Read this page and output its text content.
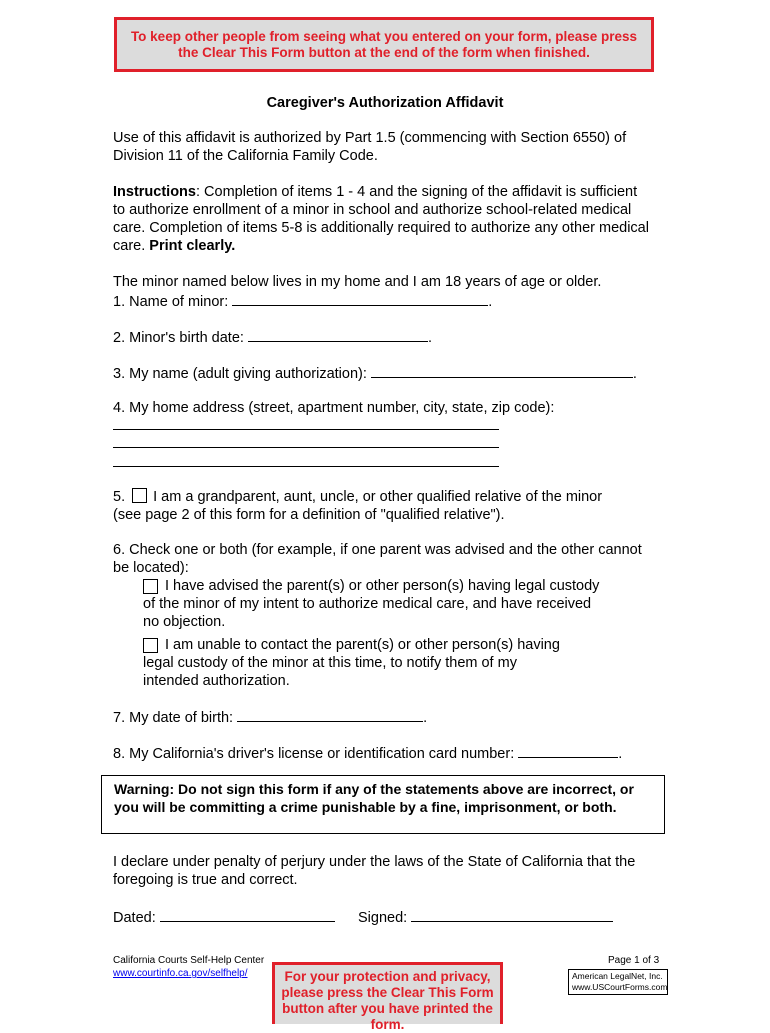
To keep other people from seeing what you entered on your form, please press the Clear This Form button at the end of the form when finished.
Caregiver's Authorization Affidavit
Use of this affidavit is authorized by Part 1.5 (commencing with Section 6550) of Division 11 of the California Family Code.
Instructions: Completion of items 1 - 4 and the signing of the affidavit is sufficient to authorize enrollment of a minor in school and authorize school-related medical care. Completion of items 5-8 is additionally required to authorize any other medical care. Print clearly.
The minor named below lives in my home and I am 18 years of age or older.
1. Name of minor:	.
2. Minor's birth date:	.
3. My name (adult giving authorization):	.
4. My home address (street, apartment number, city, state, zip code):
5. I am a grandparent, aunt, uncle, or other qualified relative of the minor
(see page 2 of this form for a definition of "qualified relative").
6. Check one or both (for example, if one parent was advised and the other cannot be located):
I have advised the parent(s) or other person(s) having legal custody of the minor of my intent to authorize medical care, and have received no objection.
I am unable to contact the parent(s) or other person(s) having legal custody of the minor at this time, to notify them of my intended authorization.
7. My date of birth:	.
8. My California's driver's license or identification card number:	.
Warning: Do not sign this form if any of the statements above are incorrect, or you will be committing a crime punishable by a fine, imprisonment, or both.
I declare under penalty of perjury under the laws of the State of California that the foregoing is true and correct.
Dated:	Signed:
California Courts Self-Help Center
www.courtinfo.ca.gov/selfhelp/	For your protection and privacy, please press the Clear This Form button after you have printed the form.
Page 1 of 3
American LegalNet, Inc.
www.USCourtForms.com
